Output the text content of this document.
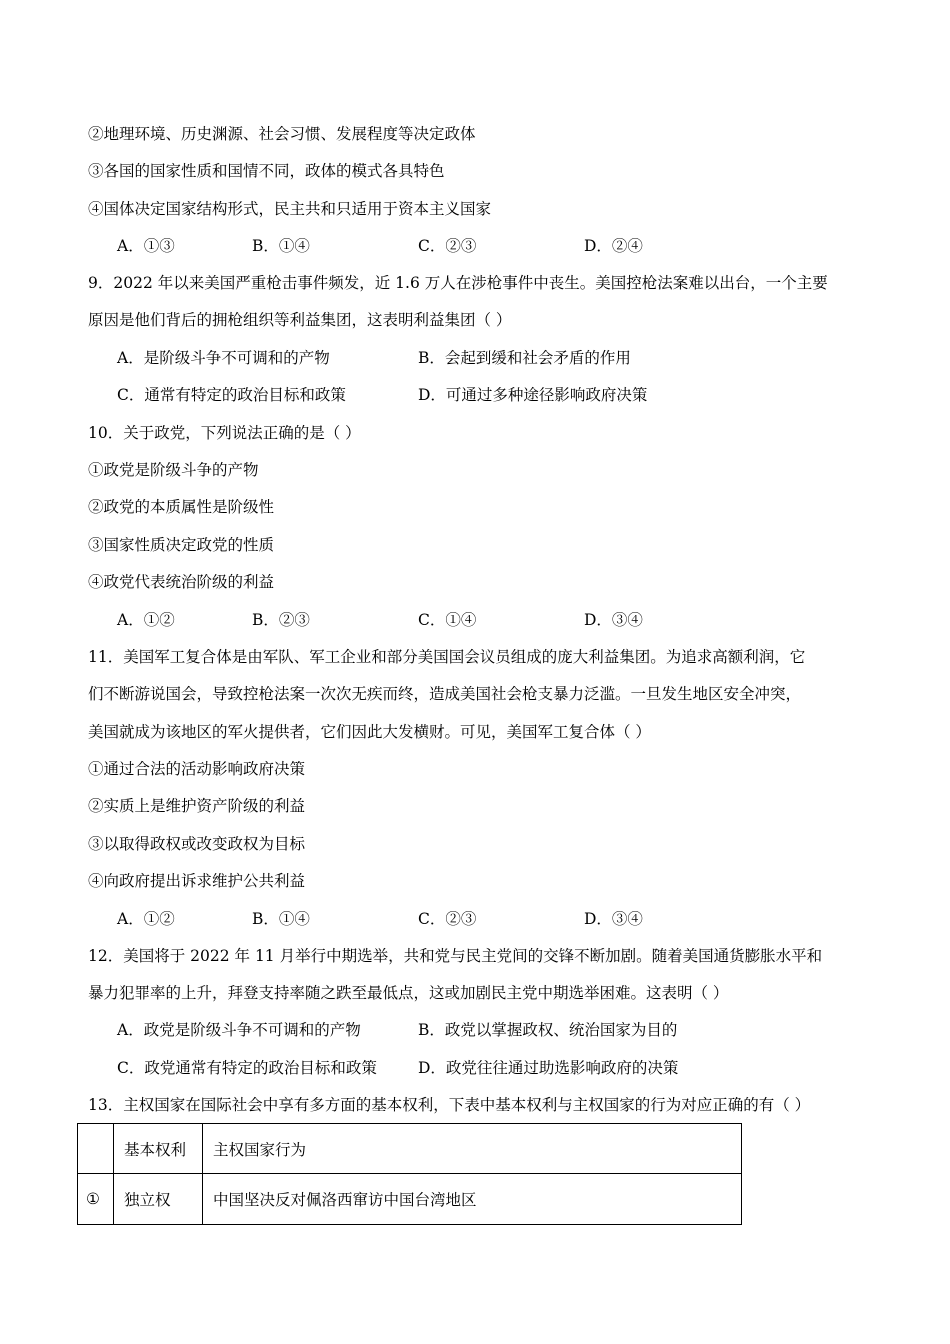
②地理环境、历史渊源、社会习惯、发展程度等决定政体
③各国的国家性质和国情不同，政体的模式各具特色
④国体决定国家结构形式，民主共和只适用于资本主义国家
A．①③	B．①④	C．②③	D．②④
9．2022 年以来美国严重枪击事件频发，近 1.6 万人在涉枪事件中丧生。美国控枪法案难以出台，一个主要
原因是他们背后的拥枪组织等利益集团，这表明利益集团（ ）
A．是阶级斗争不可调和的产物	B．会起到缓和社会矛盾的作用
C．通常有特定的政治目标和政策	D．可通过多种途径影响政府决策
10．关于政党，下列说法正确的是（ ）
①政党是阶级斗争的产物
②政党的本质属性是阶级性
③国家性质决定政党的性质
④政党代表统治阶级的利益
A．①②	B．②③	C．①④	D．③④
11．美国军工复合体是由军队、军工企业和部分美国国会议员组成的庞大利益集团。为追求高额利润，它
们不断游说国会，导致控枪法案一次次无疾而终，造成美国社会枪支暴力泛滥。一旦发生地区安全冲突，
美国就成为该地区的军火提供者，它们因此大发横财。可见，美国军工复合体（ ）
①通过合法的活动影响政府决策
②实质上是维护资产阶级的利益
③以取得政权或改变政权为目标
④向政府提出诉求维护公共利益
A．①②	B．①④	C．②③	D．③④
12．美国将于 2022 年 11 月举行中期选举，共和党与民主党间的交锋不断加剧。随着美国通货膨胀水平和
暴力犯罪率的上升，拜登支持率随之跌至最低点，这或加剧民主党中期选举困难。这表明（ ）
A．政党是阶级斗争不可调和的产物	B．政党以掌握政权、统治国家为目的
C．政党通常有特定的政治目标和政策	D．政党往往通过助选影响政府的决策
13．主权国家在国际社会中享有多方面的基本权利，下表中基本权利与主权国家的行为对应正确的有（ ）
	基本权利	主权国家行为
①	独立权	中国坚决反对佩洛西窜访中国台湾地区
